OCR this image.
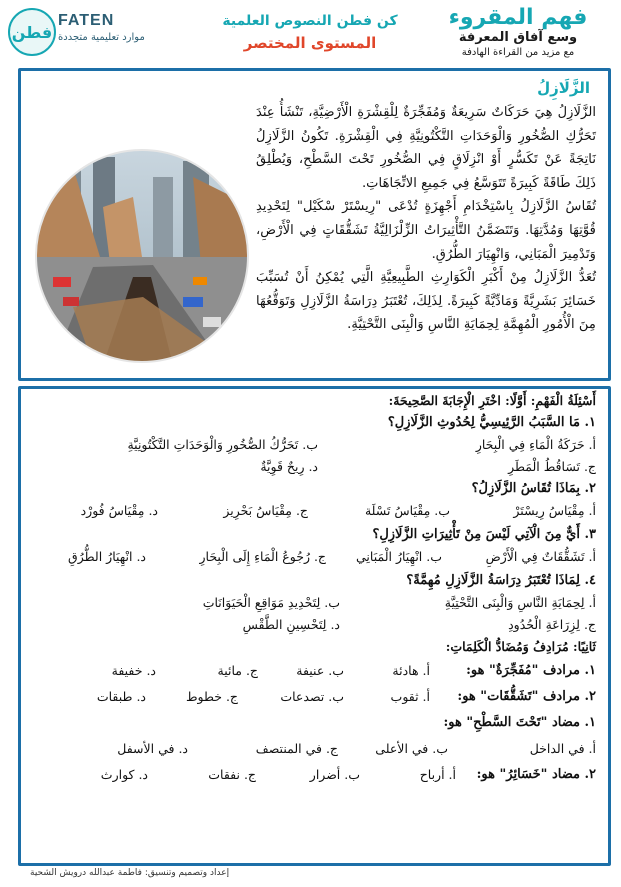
فهم المقروء
وسع آفاق المعرفة
مع مزيد من القراءة الهادفة
كن فطن النصوص العلمية
المستوى المختصر
فطن
FATEN
موارد تعليمية متجددة
الزَّلَازِلُ

الزَّلَازِلُ هِيَ حَرَكَاتٌ سَرِيعَةٌ وَمُفَجِّرَةٌ لِلْقِشْرَةِ الْأَرْضِيَّةِ، تَنْشَأُ عِنْدَ تَحَرُّكِ الصُّخُورِ وَالْوَحَدَاتِ التَّكْتُونِيَّةِ فِي الْقِشْرَةِ. تَكُونُ الزَّلَازِلُ نَاتِجَةً عَنْ تَكَسُّرٍ أَوْ انْزِلَاقٍ فِي الصُّخُورِ تَحْتَ السَّطْحِ، وَيُطْلِقُ ذَلِكَ طَاقَةً كَبِيرَةً تَتَوَسَّعُ فِي جَمِيعِ الاتِّجَاهَاتِ.

تُقَاسُ الزَّلَازِلُ بِاسْتِخْدَامِ أَجْهِزَةٍ تُدْعَى "رِيسْتَرْ سْكَيْل" لِتَحْدِيدِ قُوَّتِهَا وَمُدَّتِهَا. وَتَتَضَمَّنُ التَّأْثِيرَاتُ الزِّلْزَالِيَّةُ تَشَقُّقَاتٍ فِي الْأَرْضِ، وَتَدْمِيرَ الْمَبَانِي، وَانْهِيَارَ الطُّرُقِ.

تُعَدُّ الزَّلَازِلُ مِنْ أَكْبَرِ الْكَوَارِثِ الطَّبِيعِيَّةِ الَّتِي يُمْكِنُ أَنْ تُسَبِّبَ خَسَائِرَ بَشَرِيَّةً وَمَادِّيَّةً كَبِيرَةً. لِذَلِكَ، تُعْتَبَرُ دِرَاسَةُ الزَّلَازِلِ وَتَوَقُّعُهَا مِنَ الْأُمُورِ الْمُهِمَّةِ لِحِمَايَةِ النَّاسِ وَالْبِنَى التَّحْتِيَّةِ.

أَسْئِلَةُ الْفَهْمِ: أَوَّلًا: اخْتَرِ الْإِجَابَةَ الصَّحِيحَةَ:
١. مَا السَّبَبُ الرَّئِيسِيُّ لِحُدُوثِ الزَّلَازِلِ؟
أ. حَرَكَةُ الْمَاءِ فِي الْبِحَارِ
ب. تَحَرُّكُ الصُّخُورِ وَالْوَحَدَاتِ التَّكْتُونِيَّةِ
ج. تَسَاقُطُ الْمَطَرِ
د. رِيحٌ قَوِيَّةٌ
٢. بِمَاذَا تُقَاسُ الزَّلَازِلُ؟
أ. مِقْيَاسُ رِيسْتَرْ
ب. مِقْيَاسُ تَسْلَة
ج. مِقْيَاسُ بَحْرِيز
د. مِقْيَاسُ فُورْد
٣. أَيٌّ مِنَ الْآتِي لَيْسَ مِنْ تَأْثِيرَاتِ الزَّلَازِلِ؟
أ. تَشَقُّقَاتٌ فِي الْأَرْضِ
ب. انْهِيَارُ الْمَبَانِي
ج. رُجُوعُ الْمَاءِ إِلَى الْبِحَارِ
د. انْهِيَارُ الطُّرُقِ
٤. لِمَاذَا تُعْتَبَرُ دِرَاسَةُ الزَّلَازِلِ مُهِمَّةً؟
أ. لِحِمَايَةِ النَّاسِ وَالْبِنَى التَّحْتِيَّةِ
ب. لِتَحْدِيدِ مَوَاقِعِ الْحَيَوَانَاتِ
ج. لِزِرَاعَةِ الْحُدُودِ
د. لِتَحْسِينِ الطَّقْسِ
ثَانِيًا: مُرَادِفُ وَمُضَادُّ الْكَلِمَاتِ:
١. مرادف "مُفَجِّرَةٌ" هو:
أ. هادئة
ب. عنيفة
ج. مائية
د. خفيفة
٢. مرادف "تَشَقُّقَات" هو:
أ. ثقوب
ب. تصدعات
ج. خطوط
د. طبقات
١. مضاد "تَحْتَ السَّطْحِ" هو:
أ. في الداخل
ب. في الأعلى
ج. في المنتصف
د. في الأسفل
٢. مضاد "خَسَائِرُ" هو:
أ. أرباح
ب. أضرار
ج. نفقات
د. كوارث
إعداد وتصميم وتنسيق: فاطمة عبدالله درويش الشحية
